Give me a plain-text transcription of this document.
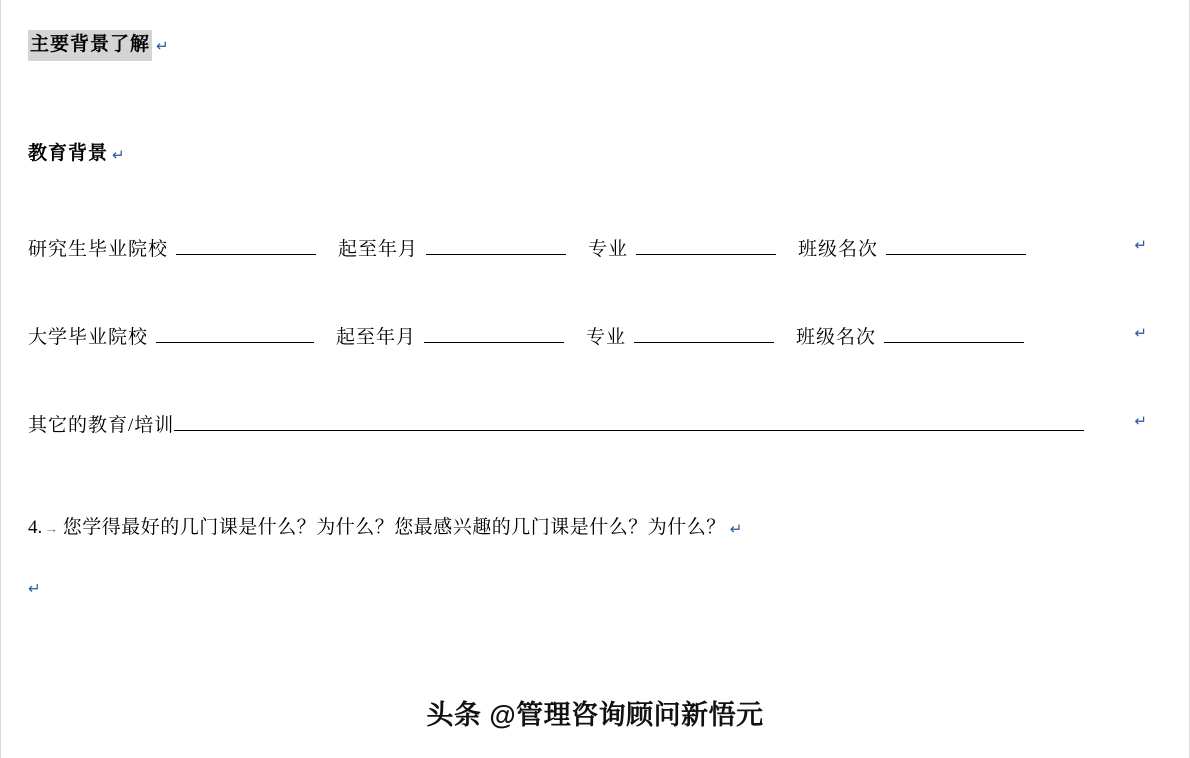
主要背景了解 ↵
教育背景 ↵
研究生毕业院校	起至年月	专业	班级名次	↵
大学毕业院校	起至年月	专业	班级名次	↵
其它的教育/培训	↵
4. → 您学得最好的几门课是什么？为什么？您最感兴趣的几门课是什么？为什么？ ↵
↵
头条 @管理咨询顾问新悟元
